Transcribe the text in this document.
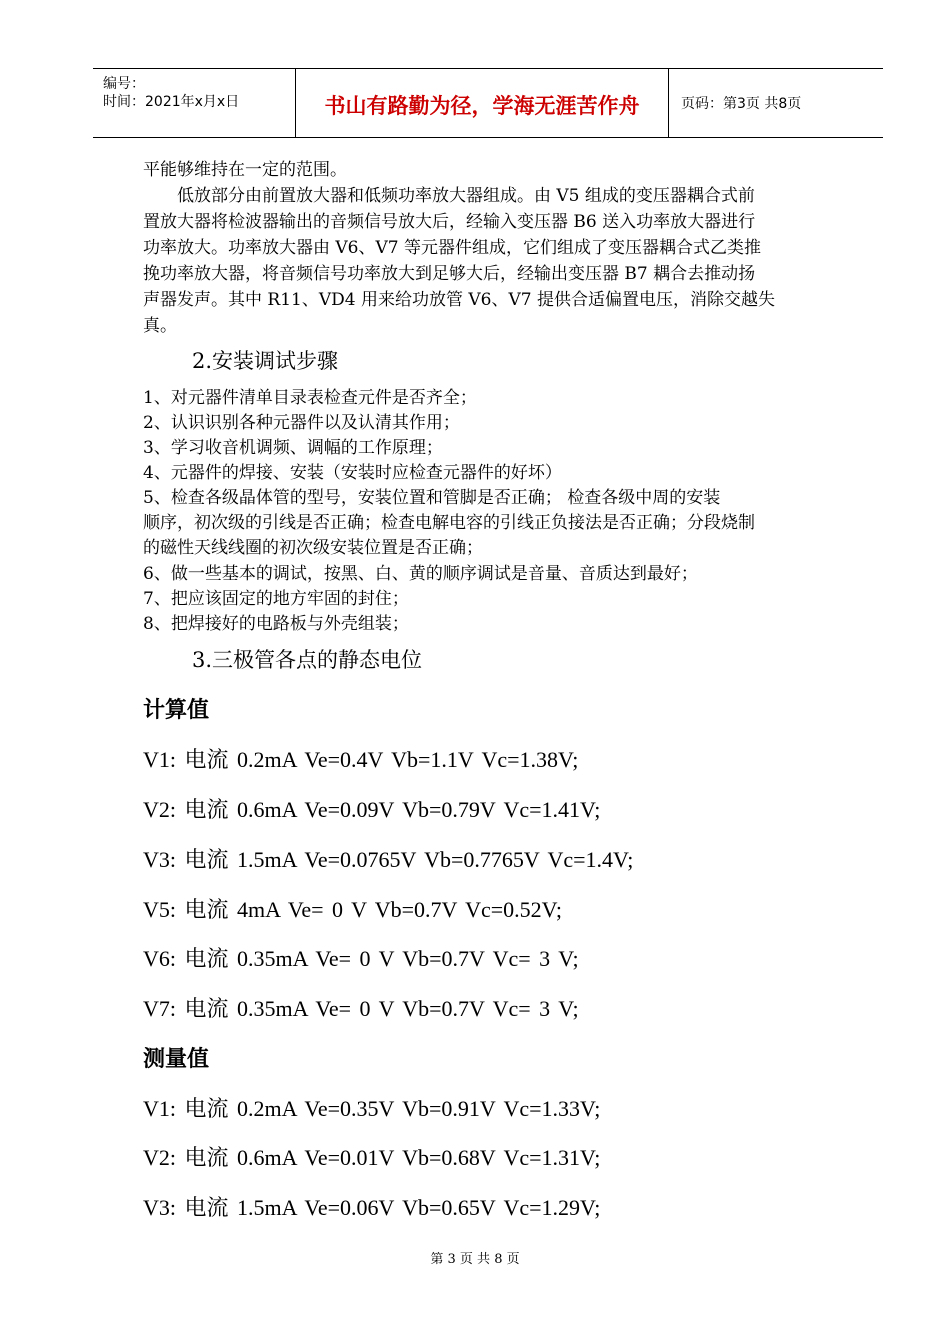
编号：
时间：2021年x月x日	书山有路勤为径，学海无涯苦作舟	页码：第3页 共8页
平能够维持在一定的范围。
　　低放部分由前置放大器和低频功率放大器组成。由 V5 组成的变压器耦合式前
置放大器将检波器输出的音频信号放大后，经输入变压器 B6 送入功率放大器进行
功率放大。功率放大器由 V6、V7 等元器件组成，它们组成了变压器耦合式乙类推
挽功率放大器，将音频信号功率放大到足够大后，经输出变压器 B7 耦合去推动扬
声器发声。其中 R11、VD4 用来给功放管 V6、V7 提供合适偏置电压，消除交越失
真。
2.安装调试步骤
1、对元器件清单目录表检查元件是否齐全；
2、认识识别各种元器件以及认清其作用；
3、学习收音机调频、调幅的工作原理；
4、元器件的焊接、安装（安装时应检查元器件的好坏）
5、检查各级晶体管的型号，安装位置和管脚是否正确； 检查各级中周的安装
顺序，初次级的引线是否正确；检查电解电容的引线正负接法是否正确；分段烧制
的磁性天线线圈的初次级安装位置是否正确；
6、做一些基本的调试，按黑、白、黄的顺序调试是音量、音质达到最好；
7、把应该固定的地方牢固的封住；
8、把焊接好的电路板与外壳组装；
3.三极管各点的静态电位
计算值
V1: 电流 0.2mA Ve=0.4V Vb=1.1V Vc=1.38V;
V2: 电流 0.6mA Ve=0.09V Vb=0.79V Vc=1.41V;
V3: 电流 1.5mA Ve=0.0765V Vb=0.7765V Vc=1.4V;
V5: 电流 4mA Ve= 0 V Vb=0.7V Vc=0.52V;
V6: 电流 0.35mA Ve= 0 V Vb=0.7V Vc= 3 V;
V7: 电流 0.35mA Ve= 0 V Vb=0.7V Vc= 3 V;
测量值
V1: 电流 0.2mA Ve=0.35V Vb=0.91V Vc=1.33V;
V2: 电流 0.6mA Ve=0.01V Vb=0.68V Vc=1.31V;
V3: 电流 1.5mA Ve=0.06V Vb=0.65V Vc=1.29V;
第 3 页 共 8 页
